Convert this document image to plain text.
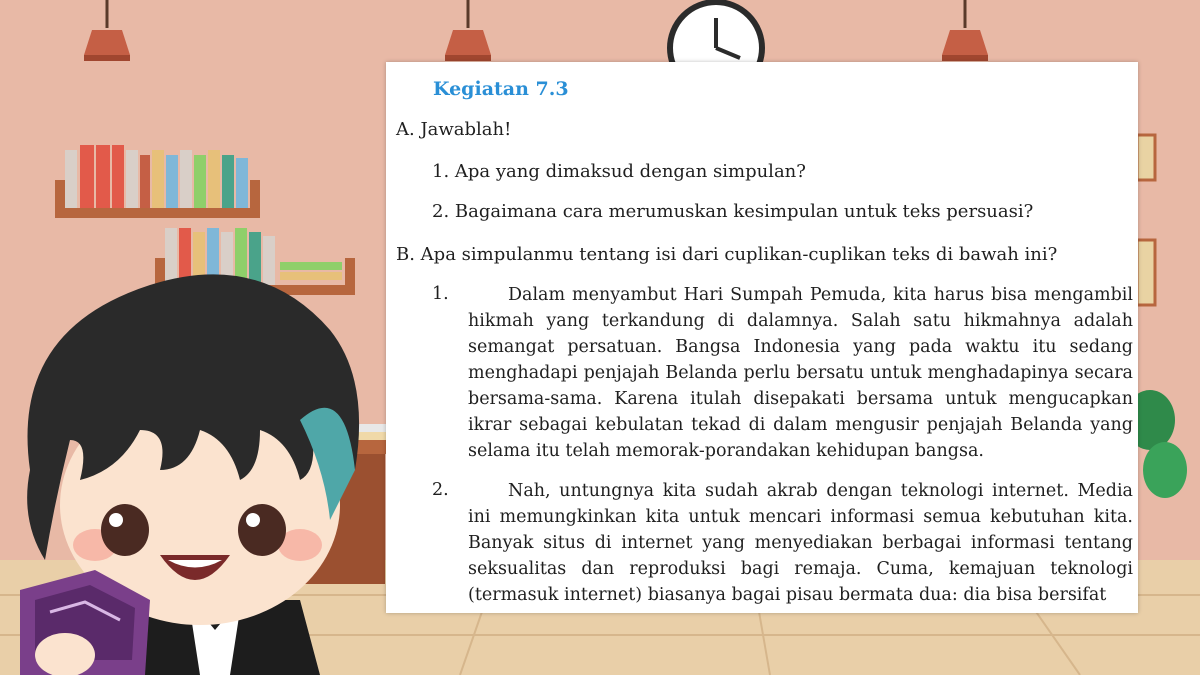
Kegiatan 7.3
A. Jawablah!
1. Apa yang dimaksud dengan simpulan?
2. Bagaimana cara merumuskan kesimpulan untuk teks persuasi?
B. Apa simpulanmu tentang isi dari cuplikan-cuplikan teks di bawah ini?
1.	Dalam menyambut Hari Sumpah Pemuda, kita harus bisa mengambil hikmah yang terkandung di dalamnya. Salah satu hikmahnya adalah semangat persatuan. Bangsa Indonesia yang pada waktu itu sedang menghadapi penjajah Belanda perlu bersatu untuk menghadapinya secara bersama-sama. Karena itulah disepakati bersama untuk mengucapkan ikrar sebagai kebulatan tekad di dalam mengusir penjajah Belanda yang selama itu telah memorak-porandakan kehidupan bangsa.

2.	Nah, untungnya kita sudah akrab dengan teknologi internet. Media ini memungkinkan kita untuk mencari informasi semua kebutuhan kita. Banyak situs di internet yang menyediakan berbagai informasi tentang seksualitas dan reproduksi bagi remaja. Cuma, kemajuan teknologi (termasuk internet) biasanya bagai pisau bermata dua: dia bisa bersifat
